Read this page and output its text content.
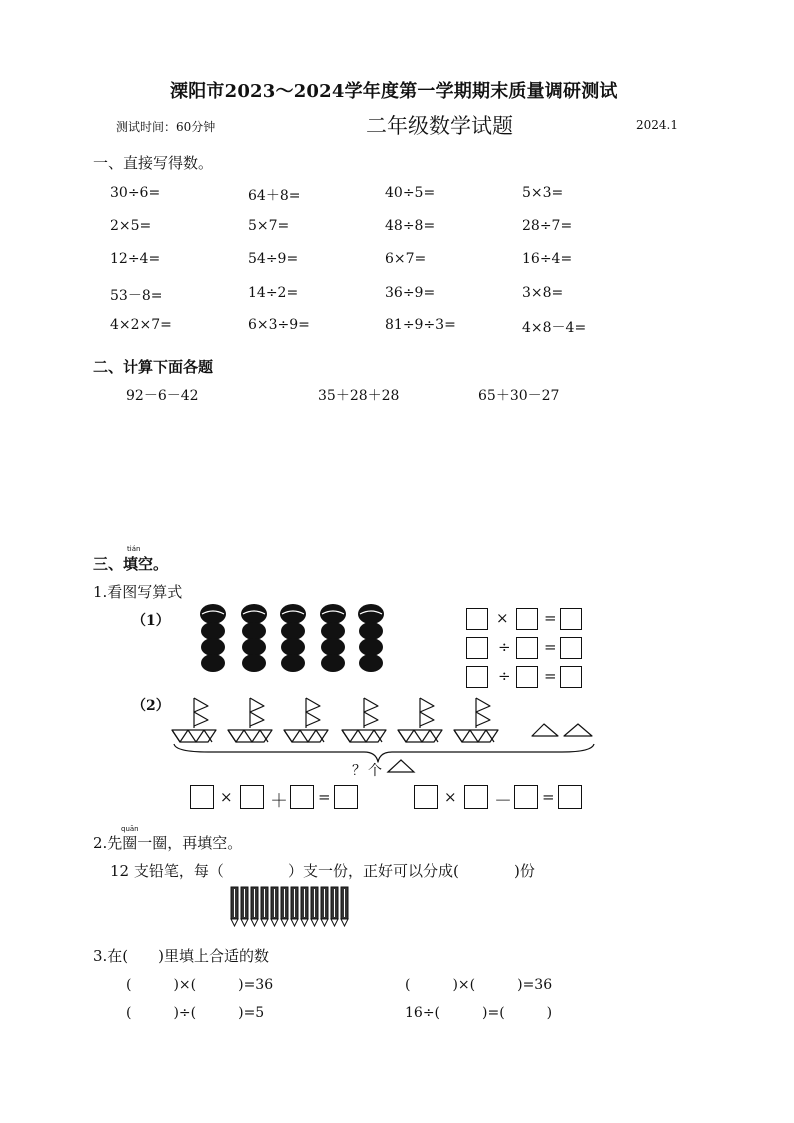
溧阳市2023～2024学年度第一学期期末质量调研测试
测试时间：60分钟	二年级数学试题	2024.1
一、直接写得数。
30÷6=	64＋8=	40÷5=	5×3=
2×5=	5×7=	48÷8=	28÷7=
12÷4=	54÷9=	6×7=	16÷4=
53－8=	14÷2=	36÷9=	3×8=
4×2×7=	6×3÷9=	81÷9÷3=	4×8－4=
二、计算下面各题
92－6－42	35＋28＋28	65＋30－27
tián
三、填空。
1.看图写算式
（1）	× =
÷ =
÷ =
（2）
？ 个
× ＋ =	× － =
quān
2.先圈一圈，再填空。
12 支铅笔，每（	）支一份，正好可以分成(	)份
3.在(　　)里填上合适的数
(　　　)×(　　　)=36	(　　　)×(　　　)=36
(　　　)÷(　　　)=5	16÷(　　　)=(　　　)
